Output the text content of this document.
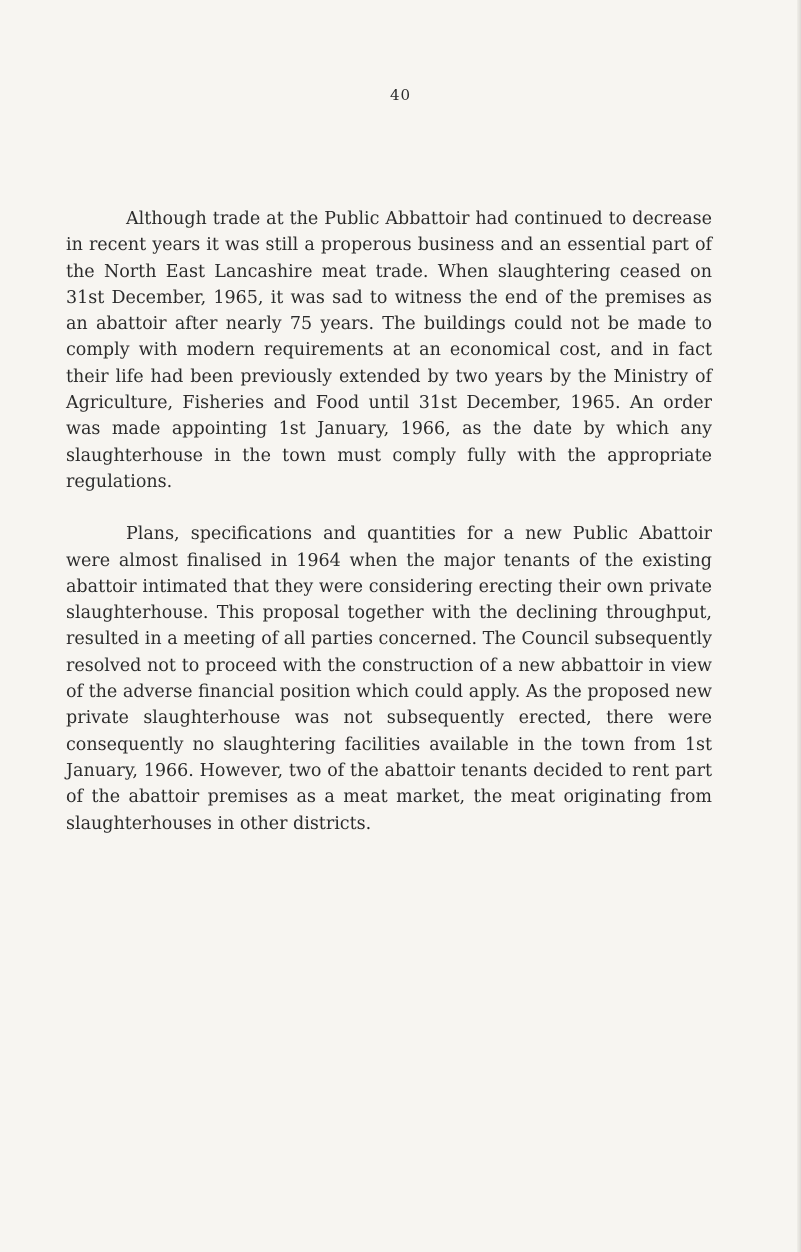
40

Although trade at the Public Abbattoir had continued to decrease in recent years it was still a properous business and an essential part of the North East Lancashire meat trade. When slaughtering ceased on 31st December, 1965, it was sad to witness the end of the premises as an abattoir after nearly 75 years. The buildings could not be made to comply with modern requirements at an economical cost, and in fact their life had been previously extended by two years by the Ministry of Agriculture, Fisheries and Food until 31st December, 1965. An order was made appointing 1st January, 1966, as the date by which any slaughterhouse in the town must comply fully with the appropriate regulations.

Plans, specifications and quantities for a new Public Abattoir were almost finalised in 1964 when the major tenants of the existing abattoir intimated that they were considering erecting their own private slaughterhouse. This proposal together with the declining throughput, resulted in a meeting of all parties concerned. The Council subsequently resolved not to proceed with the construction of a new abbattoir in view of the adverse financial position which could apply. As the proposed new private slaughterhouse was not subsequently erected, there were consequently no slaughtering facilities available in the town from 1st January, 1966. However, two of the abattoir tenants decided to rent part of the abattoir premises as a meat market, the meat originating from slaughterhouses in other districts.
